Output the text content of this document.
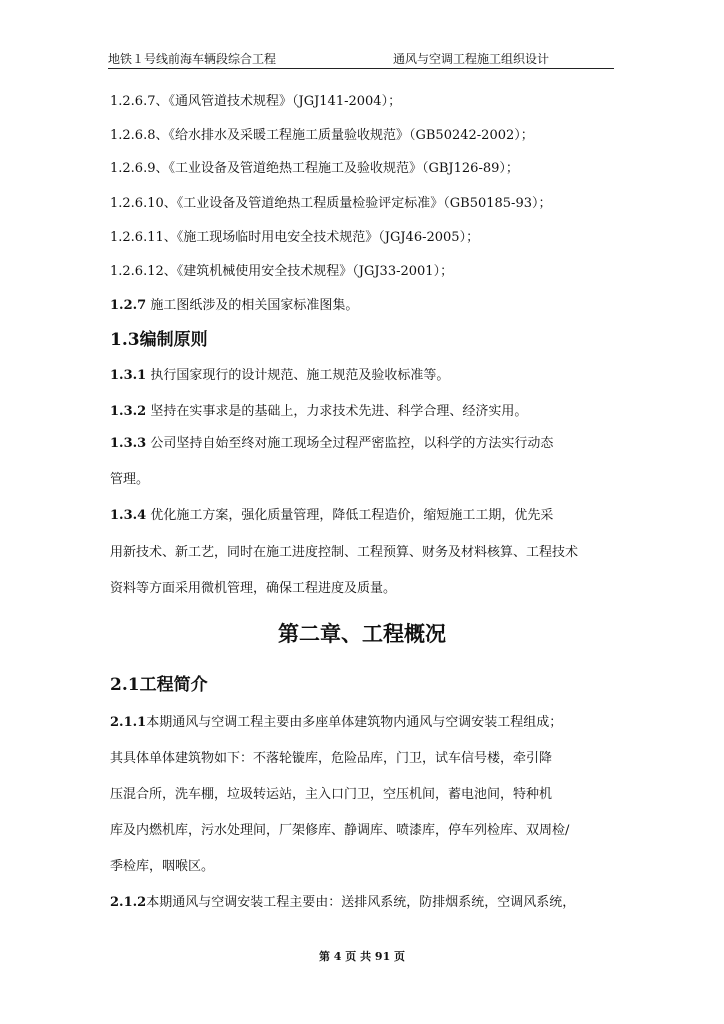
地铁１号线前海车辆段综合工程	通风与空调工程施工组织设计
1.2.6.7、《通风管道技术规程》（JGJ141-2004）；
1.2.6.8、《给水排水及采暖工程施工质量验收规范》（GB50242-2002）；
1.2.6.9、《工业设备及管道绝热工程施工及验收规范》（GBJ126-89）；
1.2.6.10、《工业设备及管道绝热工程质量检验评定标准》（GB50185-93）；
1.2.6.11、《施工现场临时用电安全技术规范》（JGJ46-2005）；
1.2.6.12、《建筑机械使用安全技术规程》（JGJ33-2001）；
1.2.7 施工图纸涉及的相关国家标准图集。
1.3编制原则
1.3.1 执行国家现行的设计规范、施工规范及验收标准等。
1.3.2 坚持在实事求是的基础上，力求技术先进、科学合理、经济实用。
1.3.3 公司坚持自始至终对施工现场全过程严密监控，以科学的方法实行动态
管理。
1.3.4 优化施工方案，强化质量管理，降低工程造价，缩短施工工期，优先采
用新技术、新工艺，同时在施工进度控制、工程预算、财务及材料核算、工程技术
资料等方面采用微机管理，确保工程进度及质量。
第二章、工程概况
2.1工程简介
2.1.1本期通风与空调工程主要由多座单体建筑物内通风与空调安装工程组成；
其具体单体建筑物如下：不落轮镟库，危险品库，门卫，试车信号楼，牵引降
压混合所，洗车棚，垃圾转运站，主入口门卫，空压机间，蓄电池间，特种机
库及内燃机库，污水处理间，厂架修库、静调库、喷漆库，停车列检库、双周检/
季检库，咽喉区。
2.1.2本期通风与空调安装工程主要由：送排风系统，防排烟系统，空调风系统，
第 4 页 共 91 页
